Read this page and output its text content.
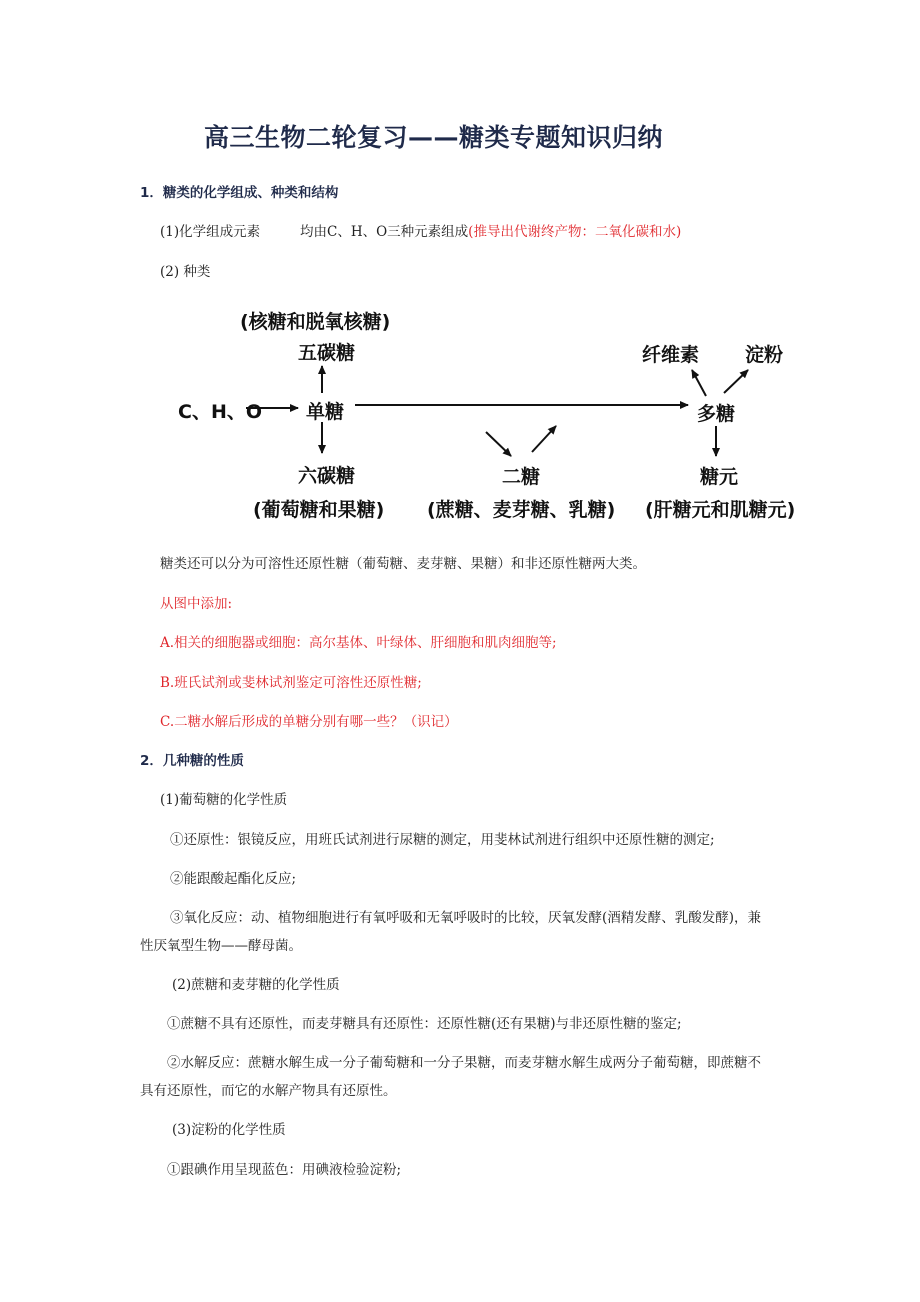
高三生物二轮复习——糖类专题知识归纳
1．糖类的化学组成、种类和结构
(1)化学组成元素	均由C、H、O三种元素组成(推导出代谢终产物：二氧化碳和水)
(2) 种类
(核糖和脱氧核糖)
五碳糖
C、H、O 单糖
六碳糖
(葡萄糖和果糖)
二糖
(蔗糖、麦芽糖、乳糖)
纤维素 淀粉
多糖
糖元
(肝糖元和肌糖元)
糖类还可以分为可溶性还原性糖（葡萄糖、麦芽糖、果糖）和非还原性糖两大类。
从图中添加:
A.相关的细胞器或细胞：高尔基体、叶绿体、肝细胞和肌肉细胞等;
B.班氏试剂或斐林试剂鉴定可溶性还原性糖;
C.二糖水解后形成的单糖分别有哪一些？（识记）
2．几种糖的性质
(1)葡萄糖的化学性质
①还原性：银镜反应，用班氏试剂进行尿糖的测定，用斐林试剂进行组织中还原性糖的测定;
②能跟酸起酯化反应;
③氧化反应：动、植物细胞进行有氧呼吸和无氧呼吸时的比较，厌氧发酵(酒精发酵、乳酸发酵)，兼
性厌氧型生物——酵母菌。
(2)蔗糖和麦芽糖的化学性质
①蔗糖不具有还原性，而麦芽糖具有还原性：还原性糖(还有果糖)与非还原性糖的鉴定;
②水解反应：蔗糖水解生成一分子葡萄糖和一分子果糖，而麦芽糖水解生成两分子葡萄糖，即蔗糖不
具有还原性，而它的水解产物具有还原性。
(3)淀粉的化学性质
①跟碘作用呈现蓝色：用碘液检验淀粉;
